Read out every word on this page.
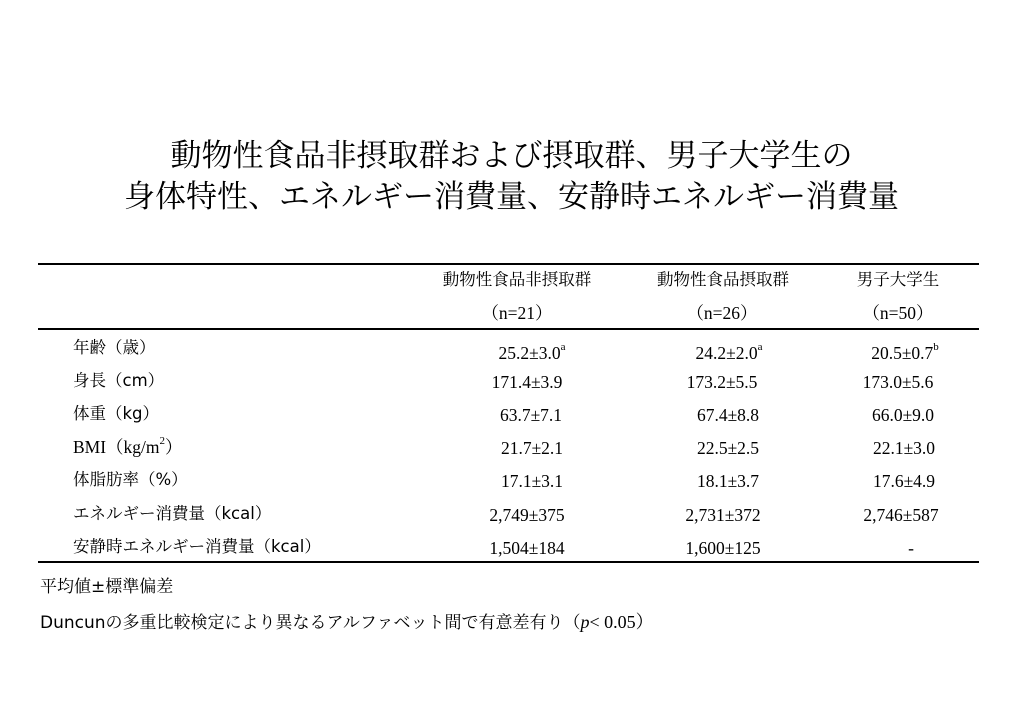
動物性食品非摂取群および摂取群、男子大学生の
身体特性、エネルギー消費量、安静時エネルギー消費量
動物性食品非摂取群	動物性食品摂取群	男子大学生
（n=21）	（n=26）	（n=50）
年齢（歳）	25.2±3.0$^a$	24.2±2.0$^a$	20.5±0.7$^b$
身長（cm）	171.4±3.9	173.2±5.5	173.0±5.6
体重（kg）	63.7±7.1	67.4±8.8	66.0±9.0
$BMI(kg/m^2)$	21.7±2.1	22.5±2.5	22.1±3.0
体脂肪率（%）	17.1±3.1	18.1±3.7	17.6±4.9
エネルギー消費量（kcal）	2,749±375	2,731±372	2,746±587
安静時エネルギー消費量（kcal）	1,504±184	1,600±125	-
平均値±標準偏差
Duncunの多重比較検定により異なるアルファベット間で有意差有り（p< 0.05）
